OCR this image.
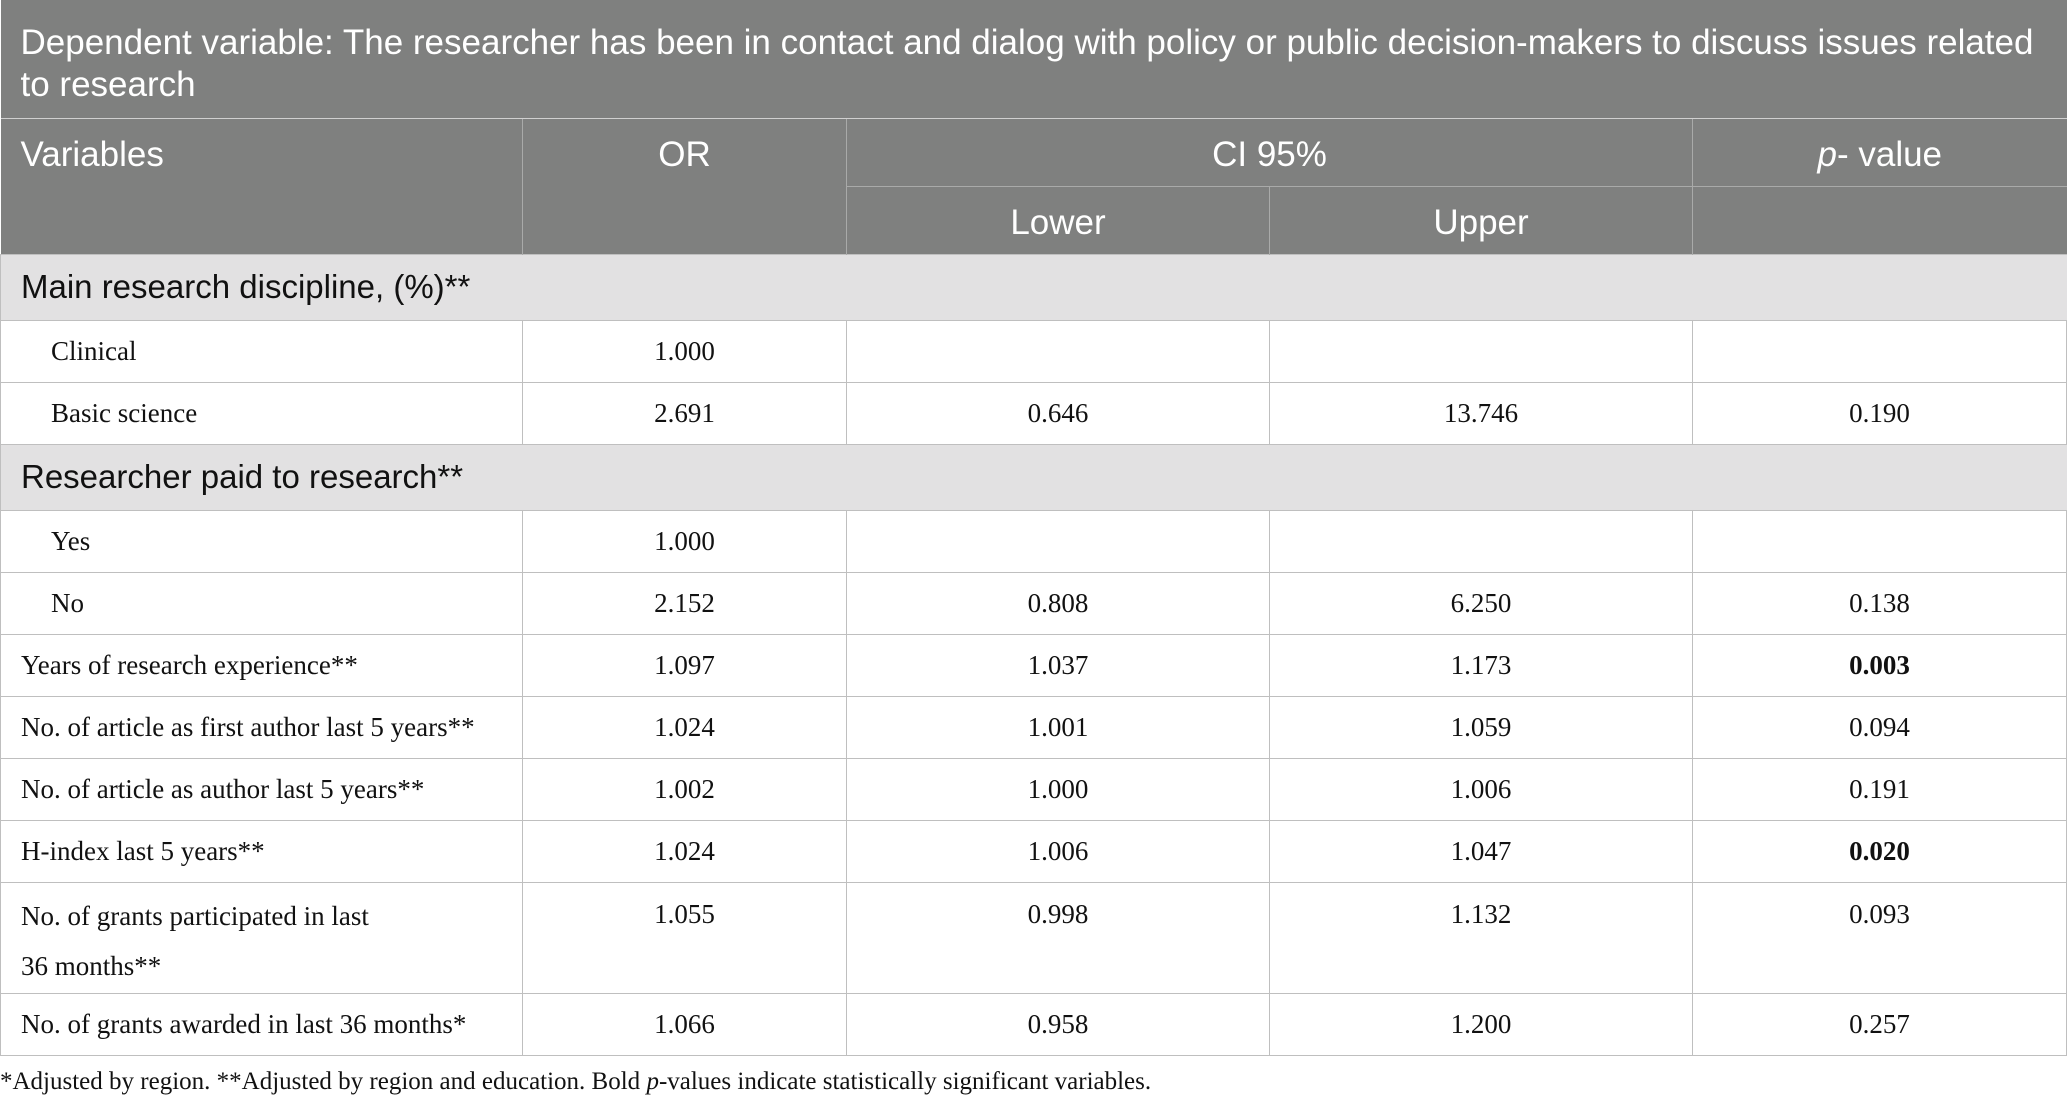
Dependent variable: The researcher has been in contact and dialog with policy or public decision-makers to discuss issues related to research				
Variables	OR	CI 95%		p- value
		Lower	Upper	
Main research discipline, (%)**				
Clinical	1.000			
Basic science	2.691	0.646	13.746	0.190
Researcher paid to research**				
Yes	1.000			
No	2.152	0.808	6.250	0.138
Years of research experience**	1.097	1.037	1.173	0.003
No. of article as first author last 5 years**	1.024	1.001	1.059	0.094
No. of article as author last 5 years**	1.002	1.000	1.006	0.191
H-index last 5 years**	1.024	1.006	1.047	0.020
No. of grants participated in last
36 months**	1.055	0.998	1.132	0.093
No. of grants awarded in last 36 months*	1.066	0.958	1.200	0.257
*Adjusted by region. **Adjusted by region and education. Bold p-values indicate statistically significant variables.
